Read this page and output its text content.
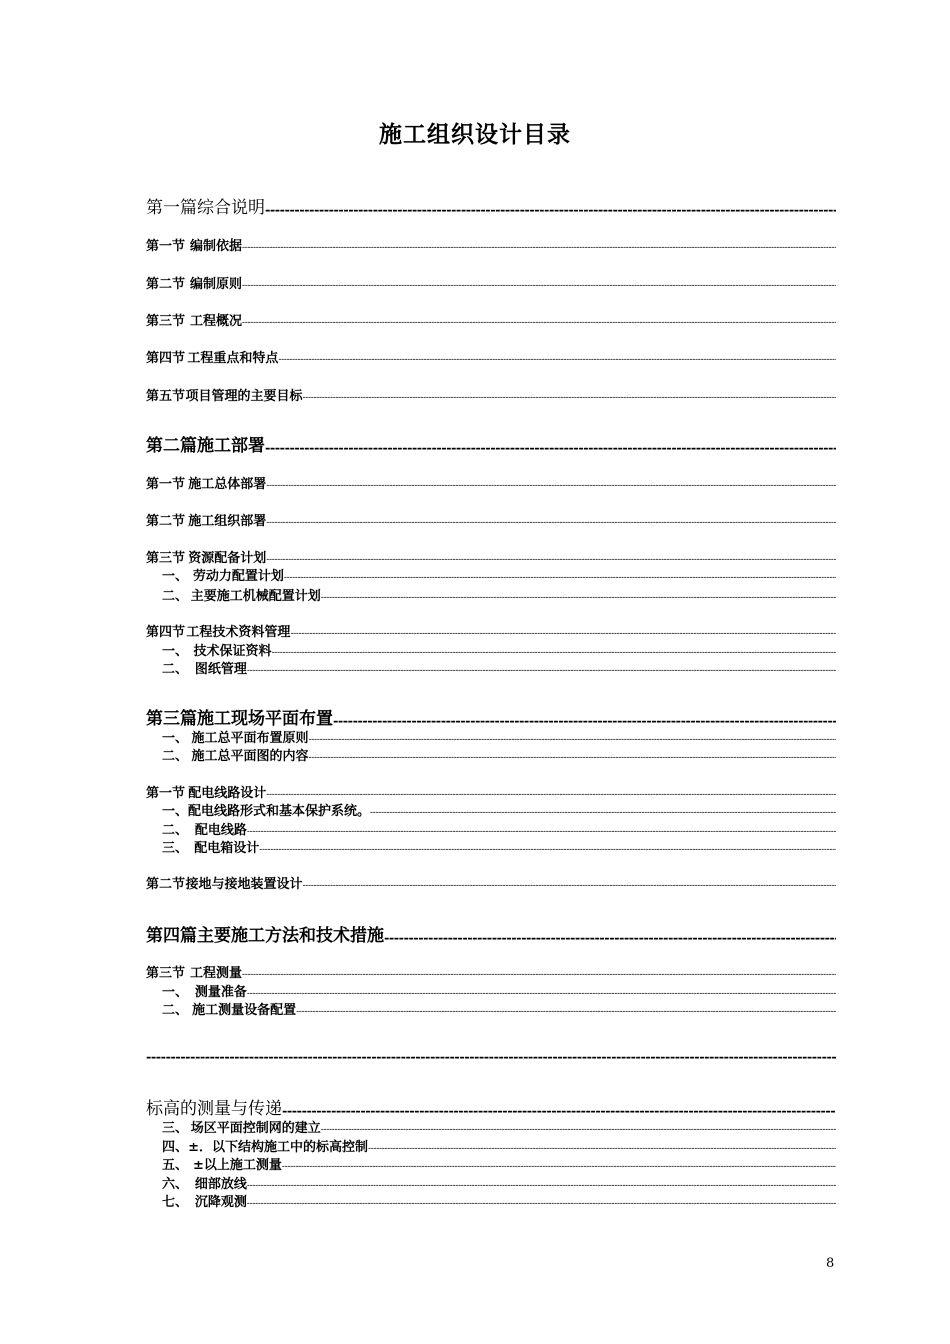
施工组织设计目录
第一篇 综合说明
-----
第一节 编制依据
-----
第二节 编制原则
-----
第三节 工程概况
-----
第四节 工程重点和特点
-----
第五节 项目管理的主要目标
-----
第二篇 施工部署
-----
第一节 施工总体部署
-----
第二节 施工组织部署
-----
第三节 资源配备计划
-----
一、 劳动力配置计划
-----
二、 主要施工机械配置计划
-----
第四节 工程技术资料管理
-----
一、 技术保证资料
-----
二、 图纸管理
-----
第三篇 施工现场平面布置
-----
一、 施工总平面布置原则
-----
二、 施工总平面图的内容
-----
第一节 配电线路设计
-----
一、 配电线路形式和基本保护系统。
-----
二、 配电线路
-----
三、 配电箱设计
-----
第二节 接地与接地装置设计
-----
第四篇 主要施工方法和技术措施
-----
第三节 工程测量
-----
一、 测量准备
-----
二、 施工测量设备配置
-----
标高的测量与传递
-----
三、 场区平面控制网的建立
-----
四、 ±．以下结构施工中的标高控制
-----
五、 ±以上施工测量
-----
六、 细部放线
-----
七、 沉降观测
-----
-----
8
